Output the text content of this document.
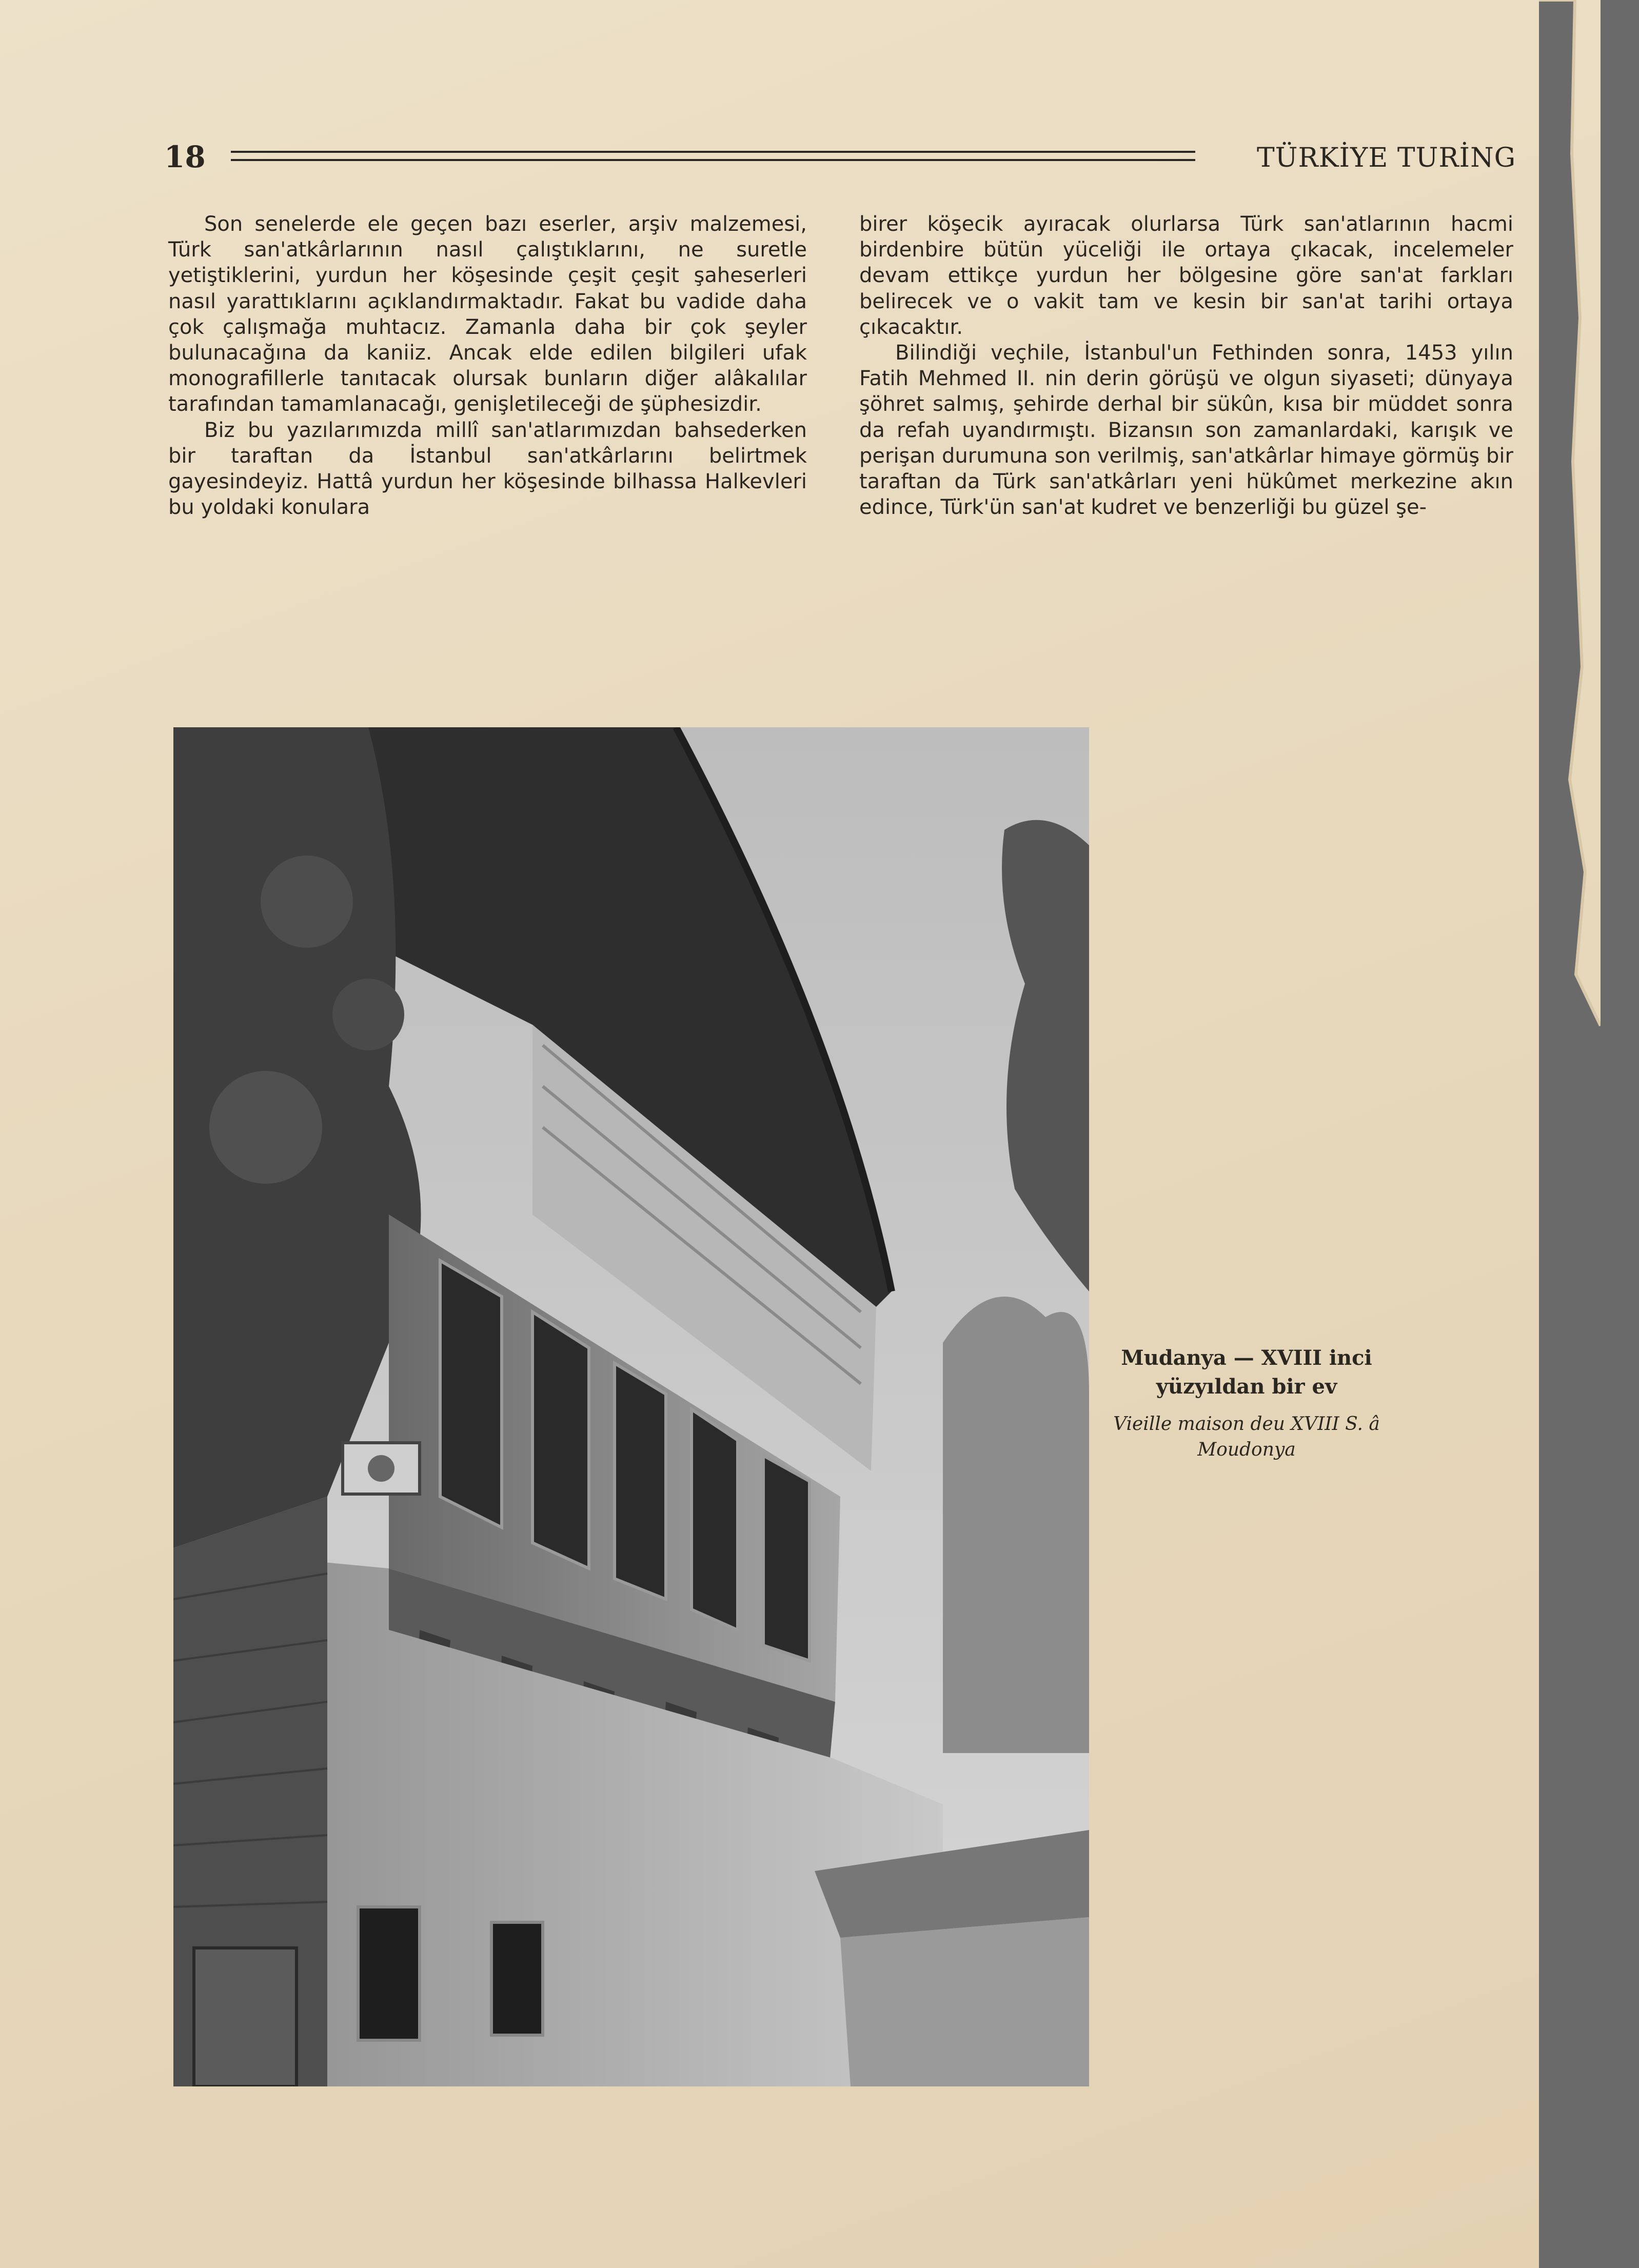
18	TÜRKİYE TURİNG

Son senelerde ele geçen bazı eserler, arşiv malzemesi, Türk san'atkârlarının nasıl çalıştıklarını, ne suretle yetiştiklerini, yurdun her köşesinde çeşit çeşit şaheserleri nasıl yarattıklarını açıklandırmaktadır. Fakat bu vadide daha çok çalışmağa muhtacız. Zamanla daha bir çok şeyler bulunacağına da kaniiz. Ancak elde edilen bilgileri ufak monografillerle tanıtacak olursak bunların diğer alâkalılar tarafından tamamlanacağı, genişletileceği de şüphesizdir.

Biz bu yazılarımızda millî san'atlarımızdan bahsederken bir taraftan da İstanbul san'atkârlarını belirtmek gayesindeyiz. Hattâ yurdun her köşesinde bilhassa Halkevleri bu yoldaki konulara

birer köşecik ayıracak olurlarsa Türk san'atlarının hacmi birdenbire bütün yüceliği ile ortaya çıkacak, incelemeler devam ettikçe yurdun her bölgesine göre san'at farkları belirecek ve o vakit tam ve kesin bir san'at tarihi ortaya çıkacaktır.

Bilindiği veçhile, İstanbul'un Fethinden sonra, 1453 yılın Fatih Mehmed II. nin derin görüşü ve olgun siyaseti; dünyaya şöhret salmış, şehirde derhal bir sükûn, kısa bir müddet sonra da refah uyandırmıştı. Bizansın son zamanlardaki, karışık ve perişan durumuna son verilmiş, san'atkârlar himaye görmüş bir taraftan da Türk san'atkârları yeni hükûmet merkezine akın edince, Türk'ün san'at kudret ve benzerliği bu güzel şe-

Mudanya — XVIII inci
yüzyıldan bir ev
Vieille maison deu XVIII S. â
Moudonya
